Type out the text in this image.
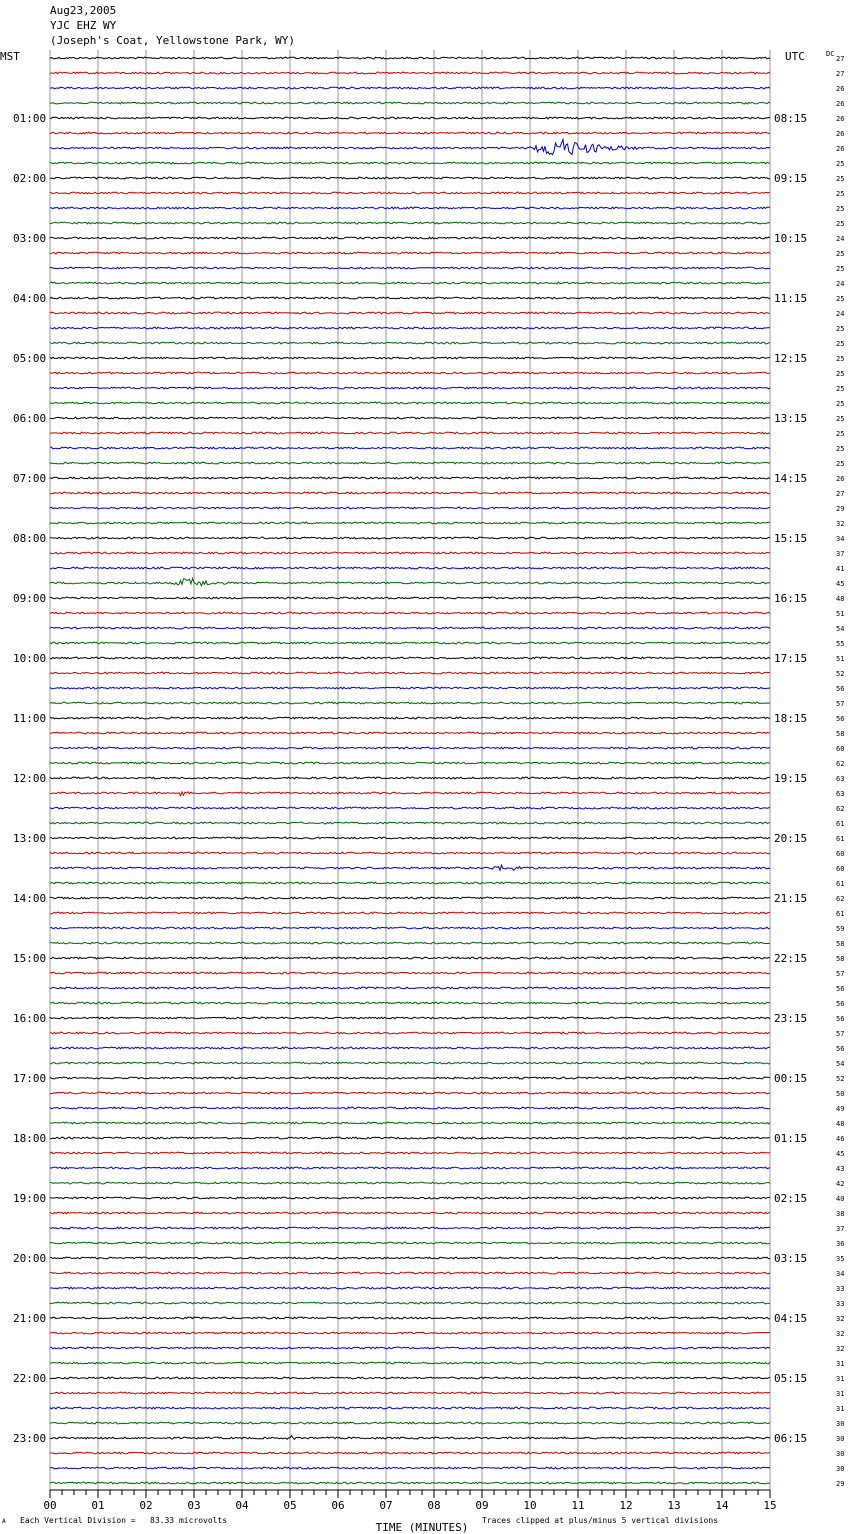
Aug23,2005
YJC EHZ WY
(Joseph's Coat, Yellowstone Park, WY)
MST	UTC
01:00
02:00
03:00
04:00
05:00
06:00
07:00
08:00
09:00
10:00
11:00
12:00
13:00
14:00
15:00
16:00
17:00
18:00
19:00
20:00
21:00
22:00
23:00
08:15
09:15
10:15
11:15
12:15
13:15
14:15
15:15
16:15
17:15
18:15
19:15
20:15
21:15
22:15
23:15
00:15
01:15
02:15
03:15
04:15
05:15
06:15
27
27
26
26
26
26
26
25
25
25
25
25
24
25
25
24
25
24
25
25
25
25
25
25
25
25
25
25
26
27
29
32
34
37
41
45
48
51
54
55
51
52
56
57
56
58
60
62
63
63
62
61
61
60
60
61
62
61
59
58
58
57
56
56
56
57
56
54
52
50
49
48
46
45
43
42
40
38
37
36
35
34
33
33
32
32
32
31
31
31
31
30
30
30
30
29
DC
00	01	02	03	04	05	06	07	08	09	10	11	12	13	14	15
TIME (MINUTES)
A Each Vertical Division =   83.33 microvolts	Traces clipped at plus/minus 5 vertical divisions
